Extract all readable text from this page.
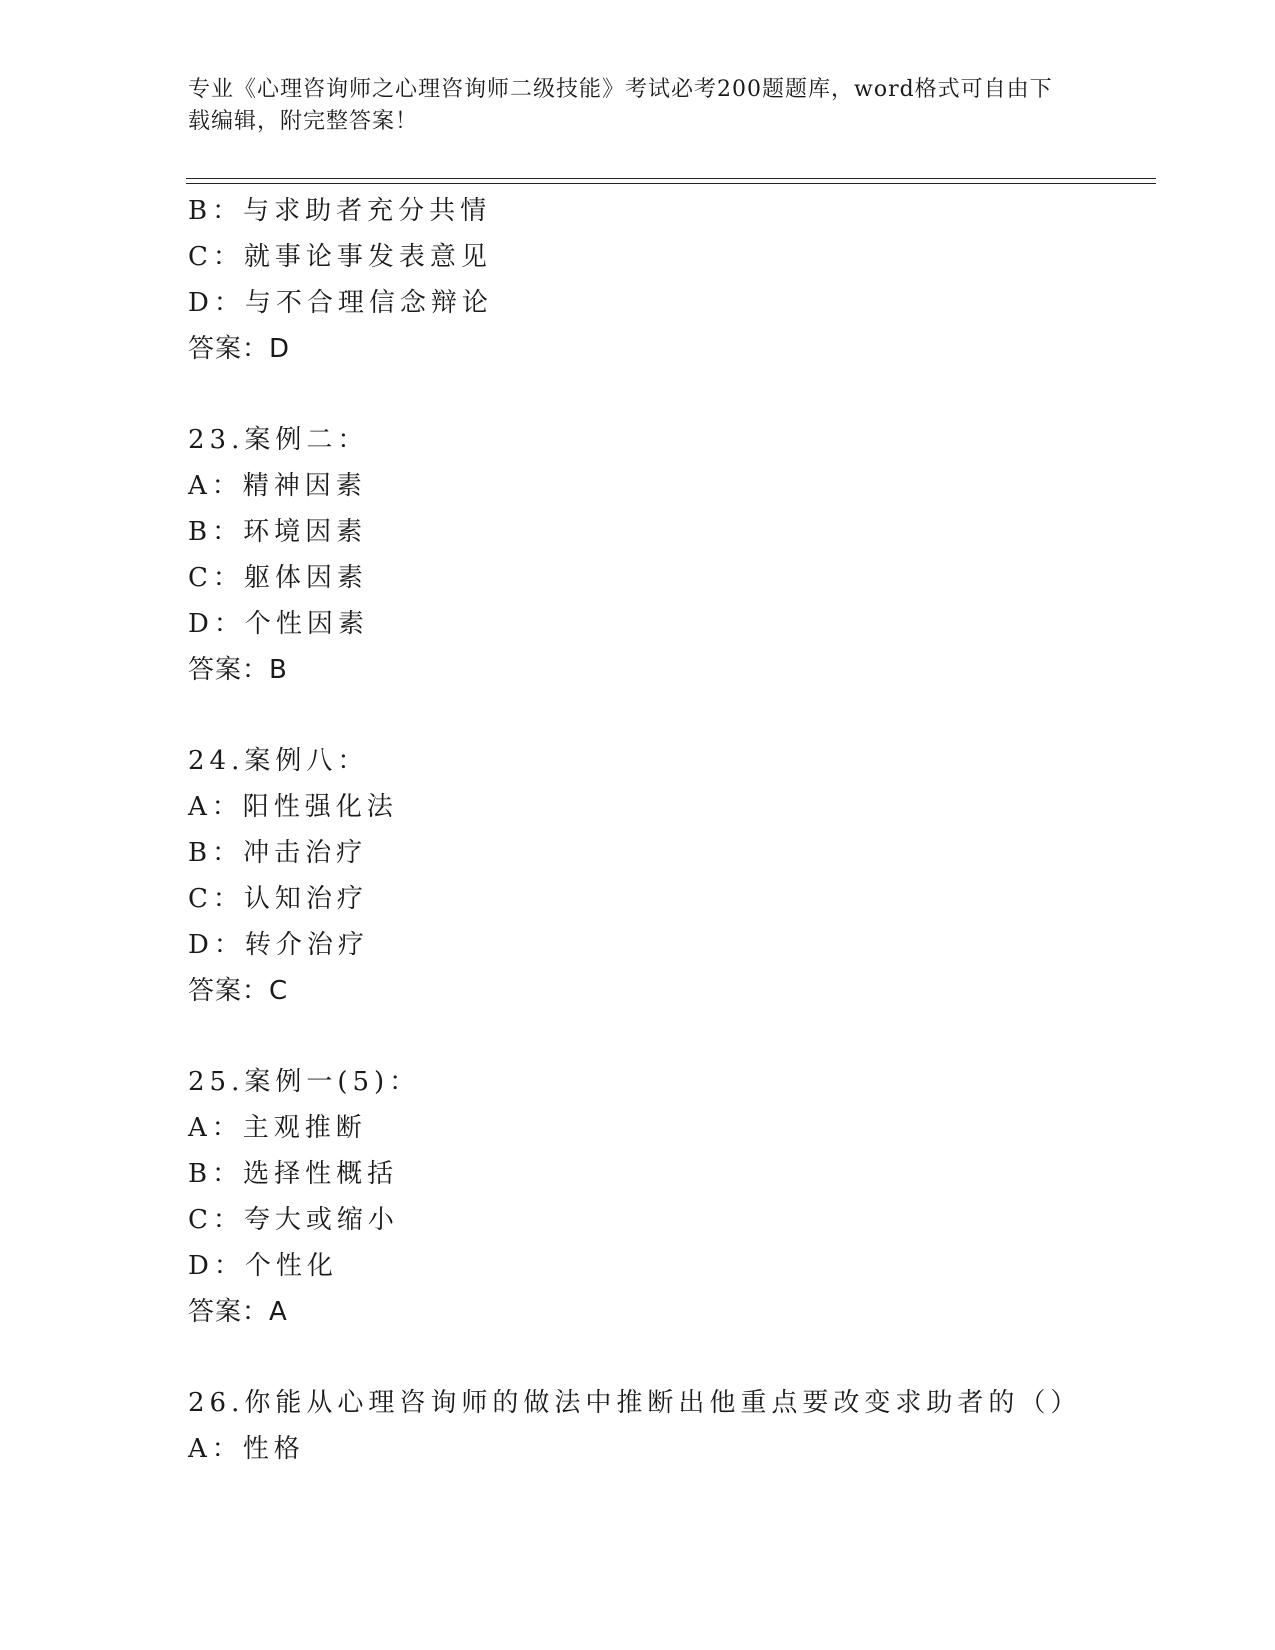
专业《心理咨询师之心理咨询师二级技能》考试必考200题题库，word格式可自由下载编辑，附完整答案！
B：与求助者充分共情
C：就事论事发表意见
D：与不合理信念辩论
答案：D
23.案例二：
A：精神因素
B：环境因素
C：躯体因素
D：个性因素
答案：B
24.案例八：
A：阳性强化法
B：冲击治疗
C：认知治疗
D：转介治疗
答案：C
25.案例一(5)：
A：主观推断
B：选择性概括
C：夸大或缩小
D：个性化
答案：A
26.你能从心理咨询师的做法中推断出他重点要改变求助者的（）
A：性格
